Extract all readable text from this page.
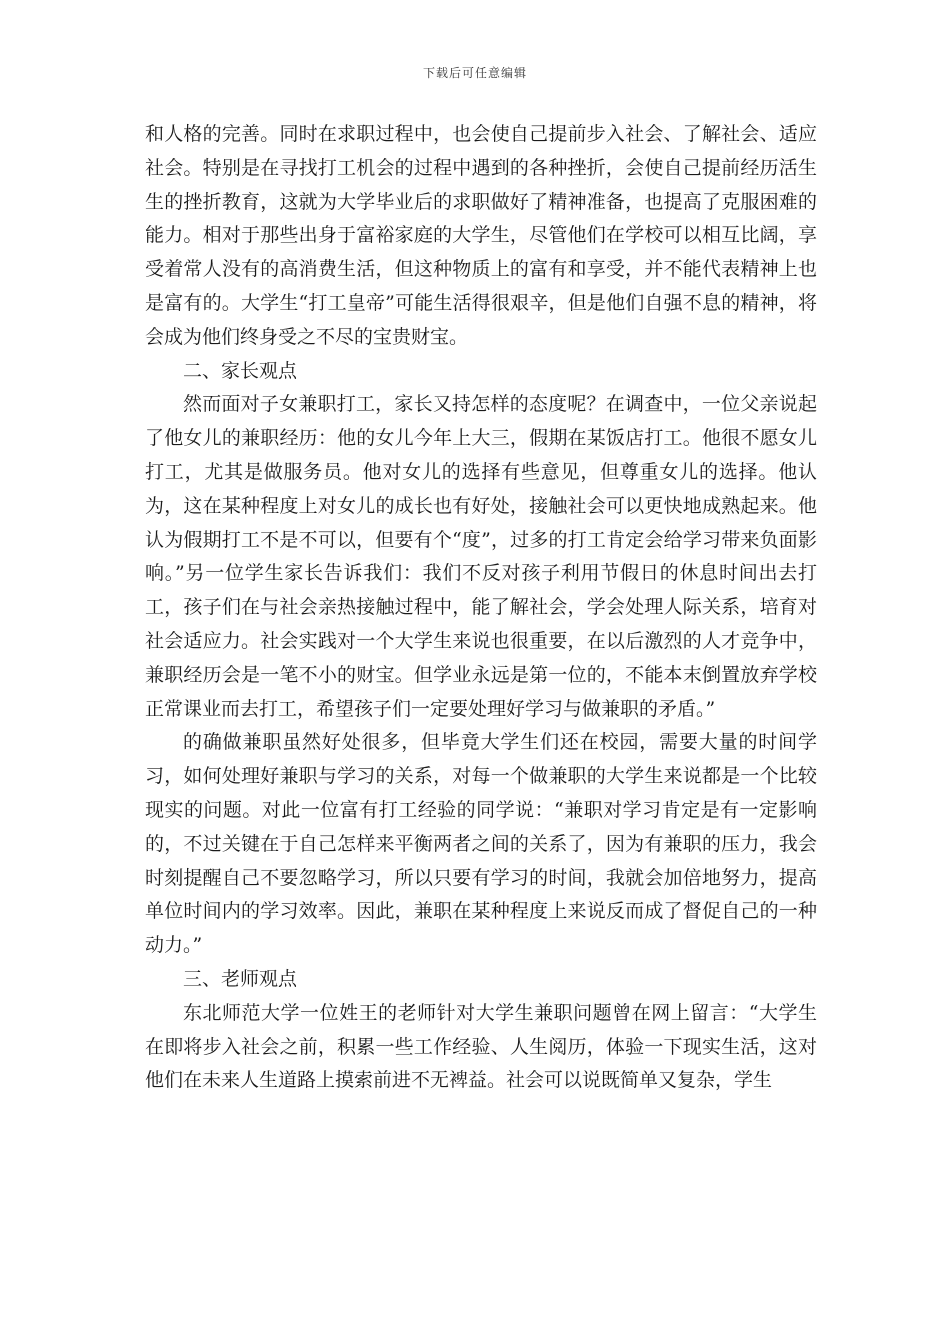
下载后可任意编辑

和人格的完善。同时在求职过程中，也会使自己提前步入社会、了解社会、适应社会。特别是在寻找打工机会的过程中遇到的各种挫折，会使自己提前经历活生生的挫折教育，这就为大学毕业后的求职做好了精神准备，也提高了克服困难的能力。相对于那些出身于富裕家庭的大学生，尽管他们在学校可以相互比阔，享受着常人没有的高消费生活，但这种物质上的富有和享受，并不能代表精神上也是富有的。大学生“打工皇帝”可能生活得很艰辛，但是他们自强不息的精神，将会成为他们终身受之不尽的宝贵财宝。

二、家长观点

然而面对子女兼职打工，家长又持怎样的态度呢？在调查中，一位父亲说起了他女儿的兼职经历：他的女儿今年上大三，假期在某饭店打工。他很不愿女儿打工，尤其是做服务员。他对女儿的选择有些意见，但尊重女儿的选择。他认为，这在某种程度上对女儿的成长也有好处，接触社会可以更快地成熟起来。他认为假期打工不是不可以，但要有个“度”，过多的打工肯定会给学习带来负面影响。”另一位学生家长告诉我们：我们不反对孩子利用节假日的休息时间出去打工，孩子们在与社会亲热接触过程中，能了解社会，学会处理人际关系，培育对社会适应力。社会实践对一个大学生来说也很重要，在以后激烈的人才竞争中，兼职经历会是一笔不小的财宝。但学业永远是第一位的，不能本末倒置放弃学校正常课业而去打工，希望孩子们一定要处理好学习与做兼职的矛盾。”

的确做兼职虽然好处很多，但毕竟大学生们还在校园，需要大量的时间学习，如何处理好兼职与学习的关系，对每一个做兼职的大学生来说都是一个比较现实的问题。对此一位富有打工经验的同学说：“兼职对学习肯定是有一定影响的，不过关键在于自己怎样来平衡两者之间的关系了，因为有兼职的压力，我会时刻提醒自己不要忽略学习，所以只要有学习的时间，我就会加倍地努力，提高单位时间内的学习效率。因此，兼职在某种程度上来说反而成了督促自己的一种动力。”

三、老师观点

东北师范大学一位姓王的老师针对大学生兼职问题曾在网上留言：“大学生在即将步入社会之前，积累一些工作经验、人生阅历，体验一下现实生活，这对他们在未来人生道路上摸索前进不无裨益。社会可以说既简单又复杂，学生
